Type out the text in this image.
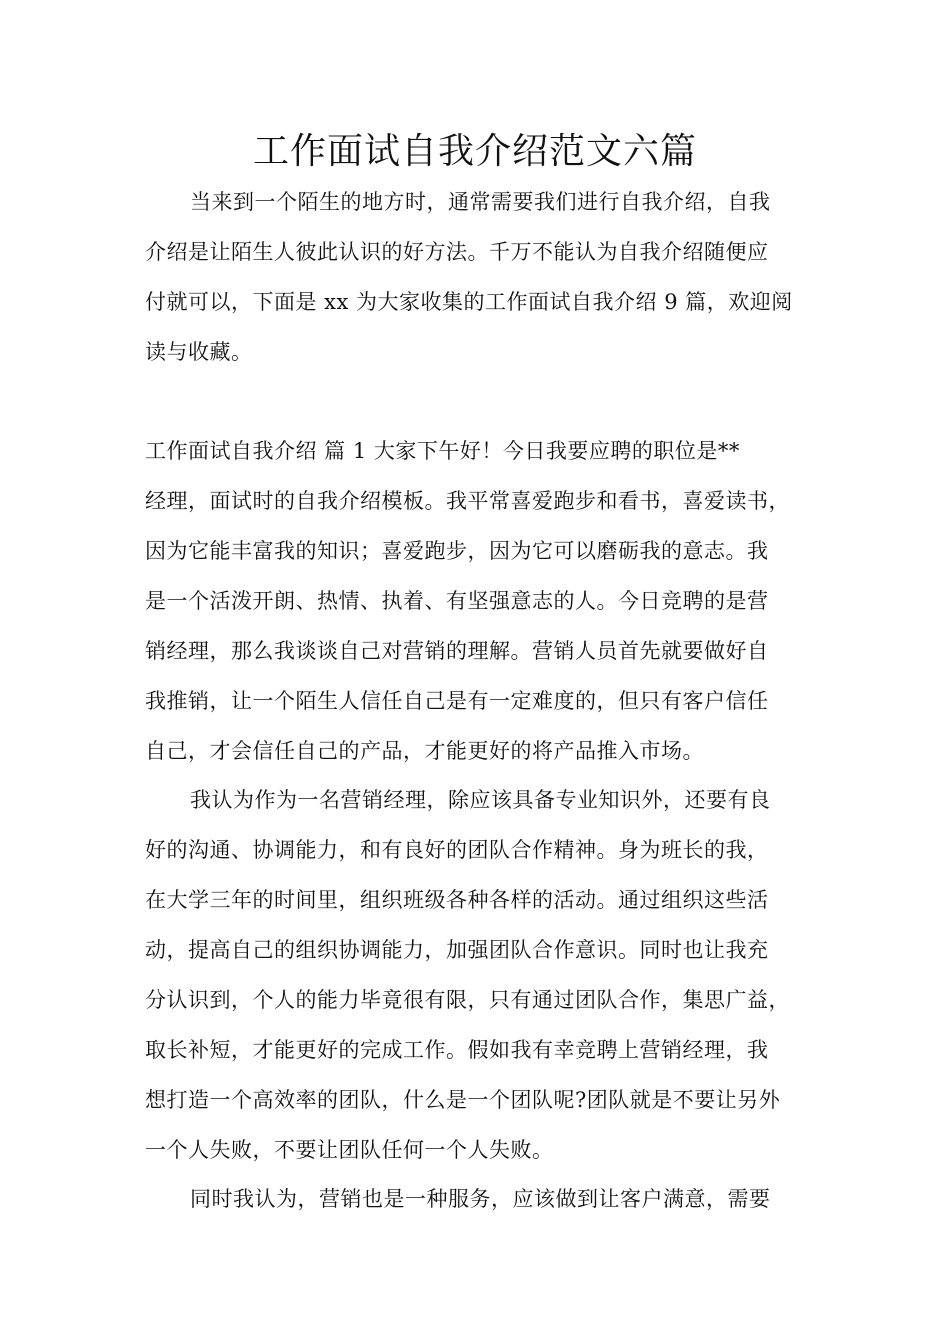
工作面试自我介绍范文六篇
当来到一个陌生的地方时，通常需要我们进行自我介绍，自我
介绍是让陌生人彼此认识的好方法。千万不能认为自我介绍随便应
付就可以，下面是 xx 为大家收集的工作面试自我介绍 9 篇，欢迎阅
读与收藏。
工作面试自我介绍 篇 1 大家下午好！今日我要应聘的职位是**
经理，面试时的自我介绍模板。我平常喜爱跑步和看书，喜爱读书，
因为它能丰富我的知识；喜爱跑步，因为它可以磨砺我的意志。我
是一个活泼开朗、热情、执着、有坚强意志的人。今日竞聘的是营
销经理，那么我谈谈自己对营销的理解。营销人员首先就要做好自
我推销，让一个陌生人信任自己是有一定难度的，但只有客户信任
自己，才会信任自己的产品，才能更好的将产品推入市场。
我认为作为一名营销经理，除应该具备专业知识外，还要有良
好的沟通、协调能力，和有良好的团队合作精神。身为班长的我，
在大学三年的时间里，组织班级各种各样的活动。通过组织这些活
动，提高自己的组织协调能力，加强团队合作意识。同时也让我充
分认识到，个人的能力毕竟很有限，只有通过团队合作，集思广益，
取长补短，才能更好的完成工作。假如我有幸竞聘上营销经理，我
想打造一个高效率的团队，什么是一个团队呢?团队就是不要让另外
一个人失败，不要让团队任何一个人失败。
同时我认为，营销也是一种服务，应该做到让客户满意，需要
